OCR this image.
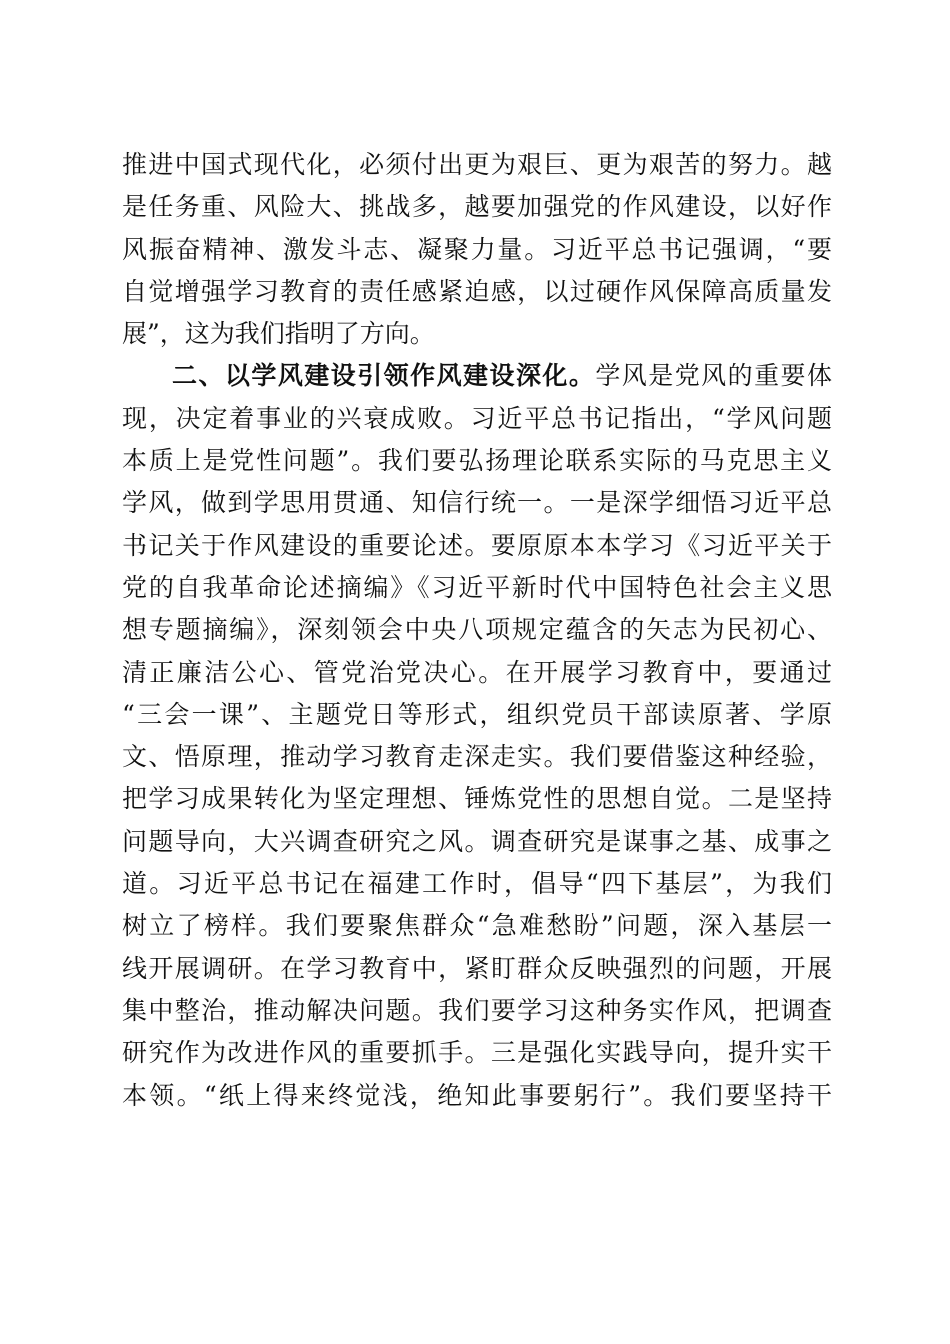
推进中国式现代化，必须付出更为艰巨、更为艰苦的努力。越
是任务重、风险大、挑战多，越要加强党的作风建设，以好作
风振奋精神、激发斗志、凝聚力量。习近平总书记强调，“要
自觉增强学习教育的责任感紧迫感，以过硬作风保障高质量发
展”，这为我们指明了方向。
二、以学风建设引领作风建设深化。学风是党风的重要体
现，决定着事业的兴衰成败。习近平总书记指出，“学风问题
本质上是党性问题”。我们要弘扬理论联系实际的马克思主义
学风，做到学思用贯通、知信行统一。一是深学细悟习近平总
书记关于作风建设的重要论述。要原原本本学习《习近平关于
党的自我革命论述摘编》《习近平新时代中国特色社会主义思
想专题摘编》，深刻领会中央八项规定蕴含的矢志为民初心、
清正廉洁公心、管党治党决心。在开展学习教育中，要通过
“三会一课”、主题党日等形式，组织党员干部读原著、学原
文、悟原理，推动学习教育走深走实。我们要借鉴这种经验，
把学习成果转化为坚定理想、锤炼党性的思想自觉。二是坚持
问题导向，大兴调查研究之风。调查研究是谋事之基、成事之
道。习近平总书记在福建工作时，倡导“四下基层”，为我们
树立了榜样。我们要聚焦群众“急难愁盼”问题，深入基层一
线开展调研。在学习教育中，紧盯群众反映强烈的问题，开展
集中整治，推动解决问题。我们要学习这种务实作风，把调查
研究作为改进作风的重要抓手。三是强化实践导向，提升实干
本领。“纸上得来终觉浅，绝知此事要躬行”。我们要坚持干
